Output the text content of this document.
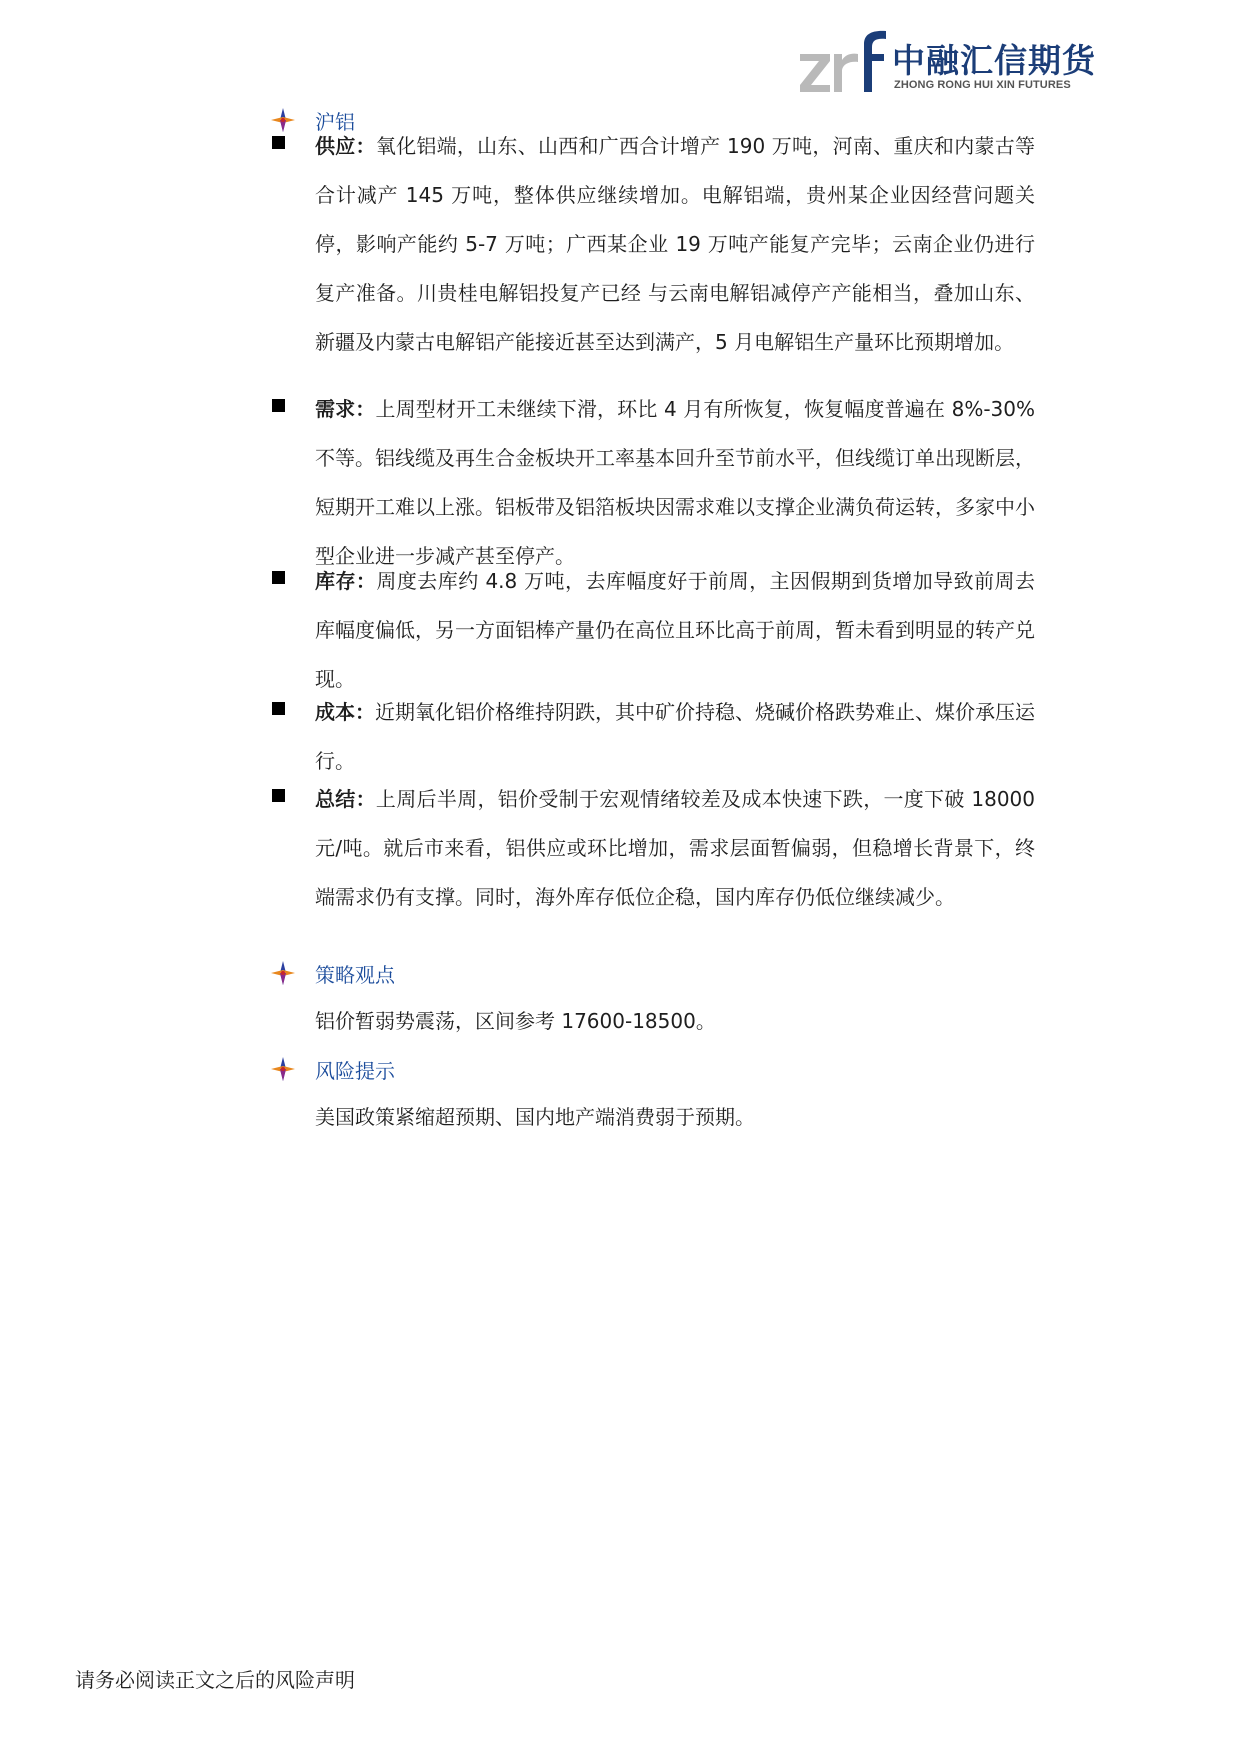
中融汇信期货
ZHONG RONG HUI XIN FUTURES
沪铝
供应：氧化铝端，山东、山西和广西合计增产 190 万吨，河南、重庆和内蒙古等合计减产 145 万吨，整体供应继续增加。电解铝端，贵州某企业因经营问题关停，影响产能约 5-7 万吨；广西某企业 19 万吨产能复产完毕；云南企业仍进行复产准备。川贵桂电解铝投复产已经 与云南电解铝减停产产能相当，叠加山东、新疆及内蒙古电解铝产能接近甚至达到满产，5 月电解铝生产量环比预期增加。
需求：上周型材开工未继续下滑，环比 4 月有所恢复，恢复幅度普遍在 8%-30%不等。铝线缆及再生合金板块开工率基本回升至节前水平，但线缆订单出现断层，短期开工难以上涨。铝板带及铝箔板块因需求难以支撑企业满负荷运转，多家中小型企业进一步减产甚至停产。
库存：周度去库约 4.8 万吨，去库幅度好于前周，主因假期到货增加导致前周去库幅度偏低，另一方面铝棒产量仍在高位且环比高于前周，暂未看到明显的转产兑现。
成本：近期氧化铝价格维持阴跌，其中矿价持稳、烧碱价格跌势难止、煤价承压运行。
总结：上周后半周，铝价受制于宏观情绪较差及成本快速下跌，一度下破 18000 元/吨。就后市来看，铝供应或环比增加，需求层面暂偏弱，但稳增长背景下，终端需求仍有支撑。同时，海外库存低位企稳，国内库存仍低位继续减少。
策略观点
铝价暂弱势震荡，区间参考 17600-18500。
风险提示
美国政策紧缩超预期、国内地产端消费弱于预期。
请务必阅读正文之后的风险声明
